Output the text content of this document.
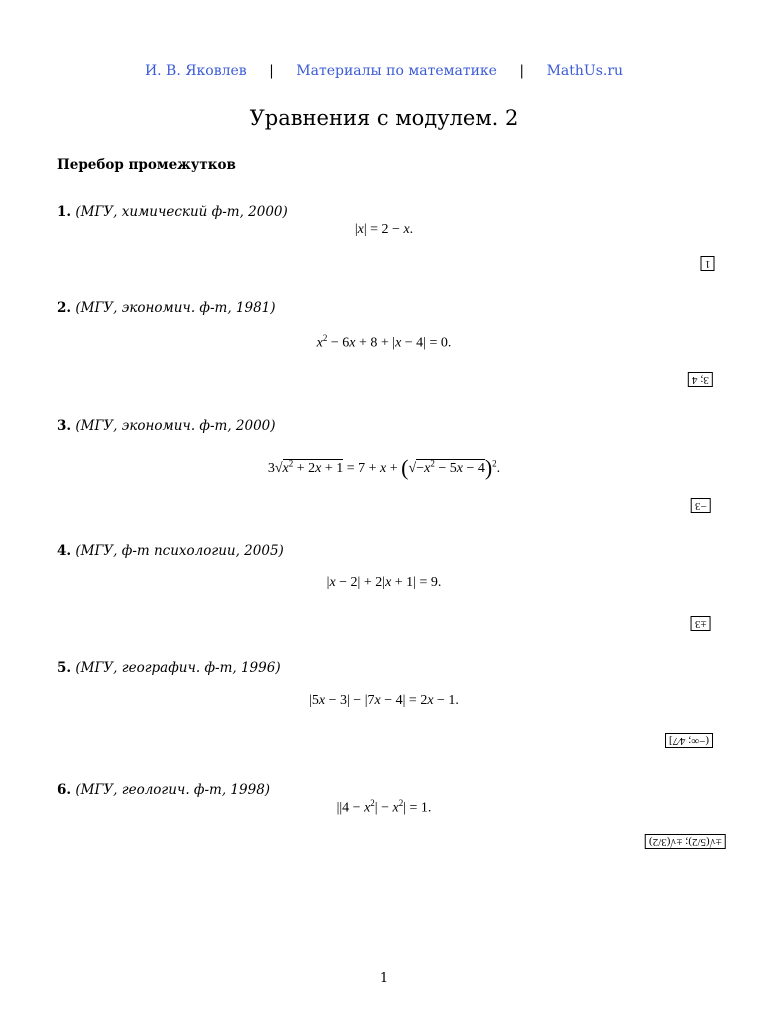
И. В. Яковлев | Материалы по математике | MathUs.ru
Уравнения с модулем. 2
Перебор промежутков
1. (МГУ, химический ф-т, 2000)
|x| = 2 − x.
1
2. (МГУ, экономич. ф-т, 1981)
$x^2 - 6x + 8 + |x - 4| = 0$.
3; 4
3. (МГУ, экономич. ф-т, 2000)
$3√x^2 + 2x + 1 = 7 + x + (√-x^2 - 5x - 4)^2$.
−3
4. (МГУ, ф-т психологии, 2005)
|x − 2| + 2|x + 1| = 9.
±3
5. (МГУ, географич. ф-т, 1996)
|5x − 3| − |7x − 4| = 2x − 1.
(−∞; 4⁄7]
6. (МГУ, геологич. ф-т, 1998)
$||4 - x^2| - x^2| = 1$.
±√(5/2); ±√(3/2)
1
